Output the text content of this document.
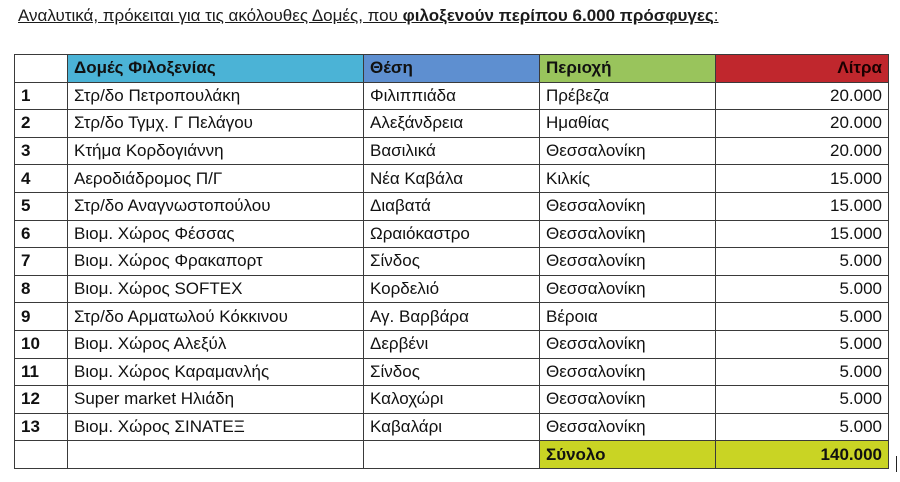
Αναλυτικά, πρόκειται για τις ακόλουθες Δομές, που φιλοξενούν περίπου 6.000 πρόσφυγες:
	Δομές Φιλοξενίας	Θέση	Περιοχή	Λίτρα
1	Στρ/δο Πετροπουλάκη	Φιλιππιάδα	Πρέβεζα	20.000
2	Στρ/δο Τγμχ. Γ Πελάγου	Αλεξάνδρεια	Ημαθίας	20.000
3	Κτήμα Κορδογιάννη	Βασιλικά	Θεσσαλονίκη	20.000
4	Αεροδιάδρομος Π/Γ	Νέα Καβάλα	Κιλκίς	15.000
5	Στρ/δο Αναγνωστοπούλου	Διαβατά	Θεσσαλονίκη	15.000
6	Βιομ. Χώρος Φέσσας	Ωραιόκαστρο	Θεσσαλονίκη	15.000
7	Βιομ. Χώρος Φρακαπορτ	Σίνδος	Θεσσαλονίκη	5.000
8	Βιομ. Χώρος SOFTEX	Κορδελιό	Θεσσαλονίκη	5.000
9	Στρ/δο Αρματωλού Κόκκινου	Αγ. Βαρβάρα	Βέροια	5.000
10	Βιομ. Χώρος Αλεξύλ	Δερβένι	Θεσσαλονίκη	5.000
11	Βιομ. Χώρος Καραμανλής	Σίνδος	Θεσσαλονίκη	5.000
12	Super market Ηλιάδη	Καλοχώρι	Θεσσαλονίκη	5.000
13	Βιομ. Χώρος ΣΙΝΑΤΕΞ	Καβαλάρι	Θεσσαλονίκη	5.000
			Σύνολο	140.000
